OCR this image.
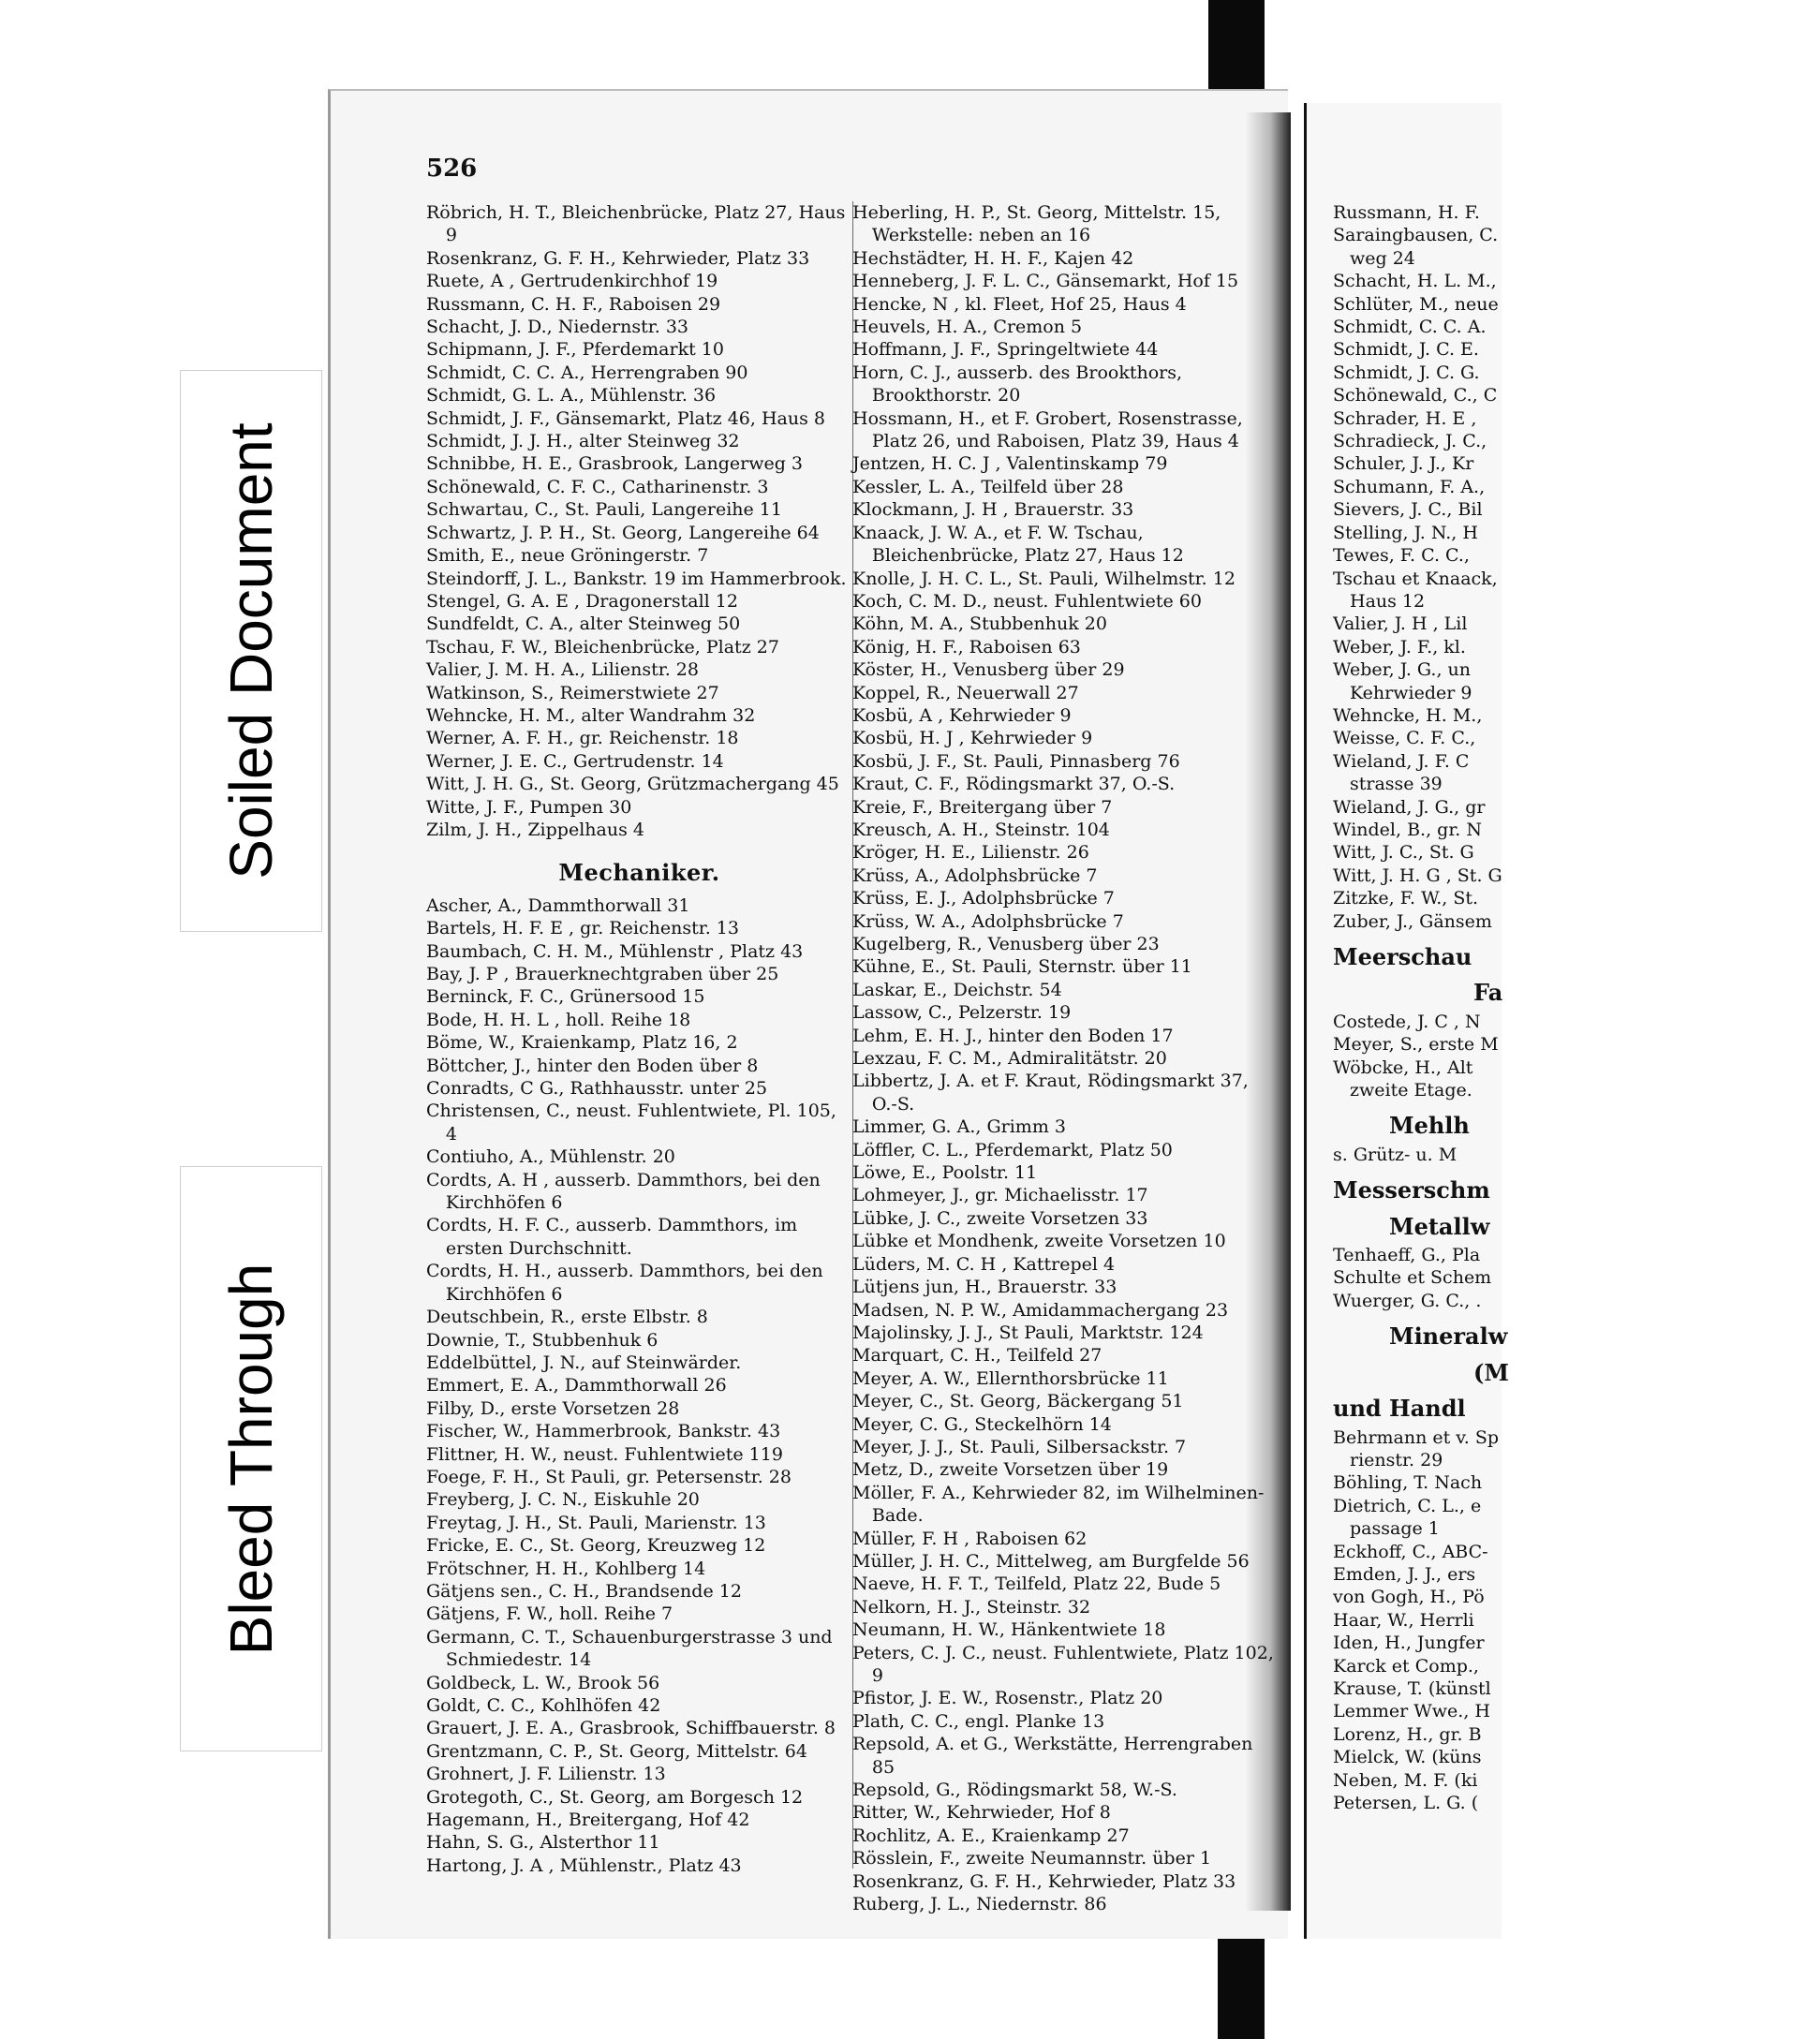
Soiled Document
Bleed Through
526
Röbrich, H. T., Bleichenbrücke, Platz 27, Haus 9
Rosenkranz, G. F. H., Kehrwieder, Platz 33
Ruete, A , Gertrudenkirchhof 19
Russmann, C. H. F., Raboisen 29
Schacht, J. D., Niedernstr. 33
Schipmann, J. F., Pferdemarkt 10
Schmidt, C. C. A., Herrengraben 90
Schmidt, G. L. A., Mühlenstr. 36
Schmidt, J. F., Gänsemarkt, Platz 46, Haus 8
Schmidt, J. J. H., alter Steinweg 32
Schnibbe, H. E., Grasbrook, Langerweg 3
Schönewald, C. F. C., Catharinenstr. 3
Schwartau, C., St. Pauli, Langereihe 11
Schwartz, J. P. H., St. Georg, Langereihe 64
Smith, E., neue Gröningerstr. 7
Steindorff, J. L., Bankstr. 19 im Hammerbrook.
Stengel, G. A. E , Dragonerstall 12
Sundfeldt, C. A., alter Steinweg 50
Tschau, F. W., Bleichenbrücke, Platz 27
Valier, J. M. H. A., Lilienstr. 28
Watkinson, S., Reimerstwiete 27
Wehncke, H. M., alter Wandrahm 32
Werner, A. F. H., gr. Reichenstr. 18
Werner, J. E. C., Gertrudenstr. 14
Witt, J. H. G., St. Georg, Grützmachergang 45
Witte, J. F., Pumpen 30
Zilm, J. H., Zippelhaus 4
Mechaniker.
Ascher, A., Dammthorwall 31
Bartels, H. F. E , gr. Reichenstr. 13
Baumbach, C. H. M., Mühlenstr , Platz 43
Bay, J. P , Brauerknechtgraben über 25
Berninck, F. C., Grünersood 15
Bode, H. H. L , holl. Reihe 18
Böme, W., Kraienkamp, Platz 16, 2
Böttcher, J., hinter den Boden über 8
Conradts, C G., Rathhausstr. unter 25
Christensen, C., neust. Fuhlentwiete, Pl. 105, 4
Contiuho, A., Mühlenstr. 20
Cordts, A. H , ausserb. Dammthors, bei den Kirchhöfen 6
Cordts, H. F. C., ausserb. Dammthors, im ersten Durchschnitt.
Cordts, H. H., ausserb. Dammthors, bei den Kirchhöfen 6
Deutschbein, R., erste Elbstr. 8
Downie, T., Stubbenhuk 6
Eddelbüttel, J. N., auf Steinwärder.
Emmert, E. A., Dammthorwall 26
Filby, D., erste Vorsetzen 28
Fischer, W., Hammerbrook, Bankstr. 43
Flittner, H. W., neust. Fuhlentwiete 119
Foege, F. H., St Pauli, gr. Petersenstr. 28
Freyberg, J. C. N., Eiskuhle 20
Freytag, J. H., St. Pauli, Marienstr. 13
Fricke, E. C., St. Georg, Kreuzweg 12
Frötschner, H. H., Kohlberg 14
Gätjens sen., C. H., Brandsende 12
Gätjens, F. W., holl. Reihe 7
Germann, C. T., Schauenburgerstrasse 3 und Schmiedestr. 14
Goldbeck, L. W., Brook 56
Goldt, C. C., Kohlhöfen 42
Grauert, J. E. A., Grasbrook, Schiffbauerstr. 8
Grentzmann, C. P., St. Georg, Mittelstr. 64
Grohnert, J. F. Lilienstr. 13
Grotegoth, C., St. Georg, am Borgesch 12
Hagemann, H., Breitergang, Hof 42
Hahn, S. G., Alsterthor 11
Hartong, J. A , Mühlenstr., Platz 43
Heberling, H. P., St. Georg, Mittelstr. 15, Werkstelle: neben an 16
Hechstädter, H. H. F., Kajen 42
Henneberg, J. F. L. C., Gänsemarkt, Hof 15
Hencke, N , kl. Fleet, Hof 25, Haus 4
Heuvels, H. A., Cremon 5
Hoffmann, J. F., Springeltwiete 44
Horn, C. J., ausserb. des Brookthors, Brookthorstr. 20
Hossmann, H., et F. Grobert, Rosenstrasse, Platz 26, und Raboisen, Platz 39, Haus 4
Jentzen, H. C. J , Valentinskamp 79
Kessler, L. A., Teilfeld über 28
Klockmann, J. H , Brauerstr. 33
Knaack, J. W. A., et F. W. Tschau, Bleichenbrücke, Platz 27, Haus 12
Knolle, J. H. C. L., St. Pauli, Wilhelmstr. 12
Koch, C. M. D., neust. Fuhlentwiete 60
Köhn, M. A., Stubbenhuk 20
König, H. F., Raboisen 63
Köster, H., Venusberg über 29
Koppel, R., Neuerwall 27
Kosbü, A , Kehrwieder 9
Kosbü, H. J , Kehrwieder 9
Kosbü, J. F., St. Pauli, Pinnasberg 76
Kraut, C. F., Rödingsmarkt 37, O.-S.
Kreie, F., Breitergang über 7
Kreusch, A. H., Steinstr. 104
Kröger, H. E., Lilienstr. 26
Krüss, A., Adolphsbrücke 7
Krüss, E. J., Adolphsbrücke 7
Krüss, W. A., Adolphsbrücke 7
Kugelberg, R., Venusberg über 23
Kühne, E., St. Pauli, Sternstr. über 11
Laskar, E., Deichstr. 54
Lassow, C., Pelzerstr. 19
Lehm, E. H. J., hinter den Boden 17
Lexzau, F. C. M., Admiralitätstr. 20
Libbertz, J. A. et F. Kraut, Rödingsmarkt 37, O.-S.
Limmer, G. A., Grimm 3
Löffler, C. L., Pferdemarkt, Platz 50
Löwe, E., Poolstr. 11
Lohmeyer, J., gr. Michaelisstr. 17
Lübke, J. C., zweite Vorsetzen 33
Lübke et Mondhenk, zweite Vorsetzen 10
Lüders, M. C. H , Kattrepel 4
Lütjens jun, H., Brauerstr. 33
Madsen, N. P. W., Amidammachergang 23
Majolinsky, J. J., St Pauli, Marktstr. 124
Marquart, C. H., Teilfeld 27
Meyer, A. W., Ellernthorsbrücke 11
Meyer, C., St. Georg, Bäckergang 51
Meyer, C. G., Steckelhörn 14
Meyer, J. J., St. Pauli, Silbersackstr. 7
Metz, D., zweite Vorsetzen über 19
Möller, F. A., Kehrwieder 82, im Wilhelminen-Bade.
Müller, F. H , Raboisen 62
Müller, J. H. C., Mittelweg, am Burgfelde 56
Naeve, H. F. T., Teilfeld, Platz 22, Bude 5
Nelkorn, H. J., Steinstr. 32
Neumann, H. W., Hänkentwiete 18
Peters, C. J. C., neust. Fuhlentwiete, Platz 102, 9
Pfistor, J. E. W., Rosenstr., Platz 20
Plath, C. C., engl. Planke 13
Repsold, A. et G., Werkstätte, Herrengraben 85
Repsold, G., Rödingsmarkt 58, W.-S.
Ritter, W., Kehrwieder, Hof 8
Rochlitz, A. E., Kraienkamp 27
Rösslein, F., zweite Neumannstr. über 1
Rosenkranz, G. F. H., Kehrwieder, Platz 33
Ruberg, J. L., Niedernstr. 86
Russmann, H. F.
Saraingbausen, C.
weg 24
Schacht, H. L. M.,
Schlüter, M., neue
Schmidt, C. C. A.
Schmidt, J. C. E.
Schmidt, J. C. G.
Schönewald, C., C
Schrader, H. E ,
Schradieck, J. C.,
Schuler, J. J., Kr
Schumann, F. A.,
Sievers, J. C., Bil
Stelling, J. N., H
Tewes, F. C. C.,
Tschau et Knaack,
Haus 12
Valier, J. H , Lil
Weber, J. F., kl.
Weber, J. G., un
Kehrwieder 9
Wehncke, H. M.,
Weisse, C. F. C.,
Wieland, J. F. C
strasse 39
Wieland, J. G., gr
Windel, B., gr. N
Witt, J. C., St. G
Witt, J. H. G , St. G
Zitzke, F. W., St.
Zuber, J., Gänsem
Meerschau
Fa
Costede, J. C , N
Meyer, S., erste M
Wöbcke, H., Alt
zweite Etage.
Mehlh
s. Grütz- u. M
Messerschm
Metallw
Tenhaeff, G., Pla
Schulte et Schem
Wuerger, G. C., .
Mineralw
(M
und Handl
Behrmann et v. Sp
rienstr. 29
Böhling, T. Nach
Dietrich, C. L., e
passage 1
Eckhoff, C., ABC-
Emden, J. J., ers
von Gogh, H., Pö
Haar, W., Herrli
Iden, H., Jungfer
Karck et Comp.,
Krause, T. (künstl
Lemmer Wwe., H
Lorenz, H., gr. B
Mielck, W. (küns
Neben, M. F. (ki
Petersen, L. G. (
